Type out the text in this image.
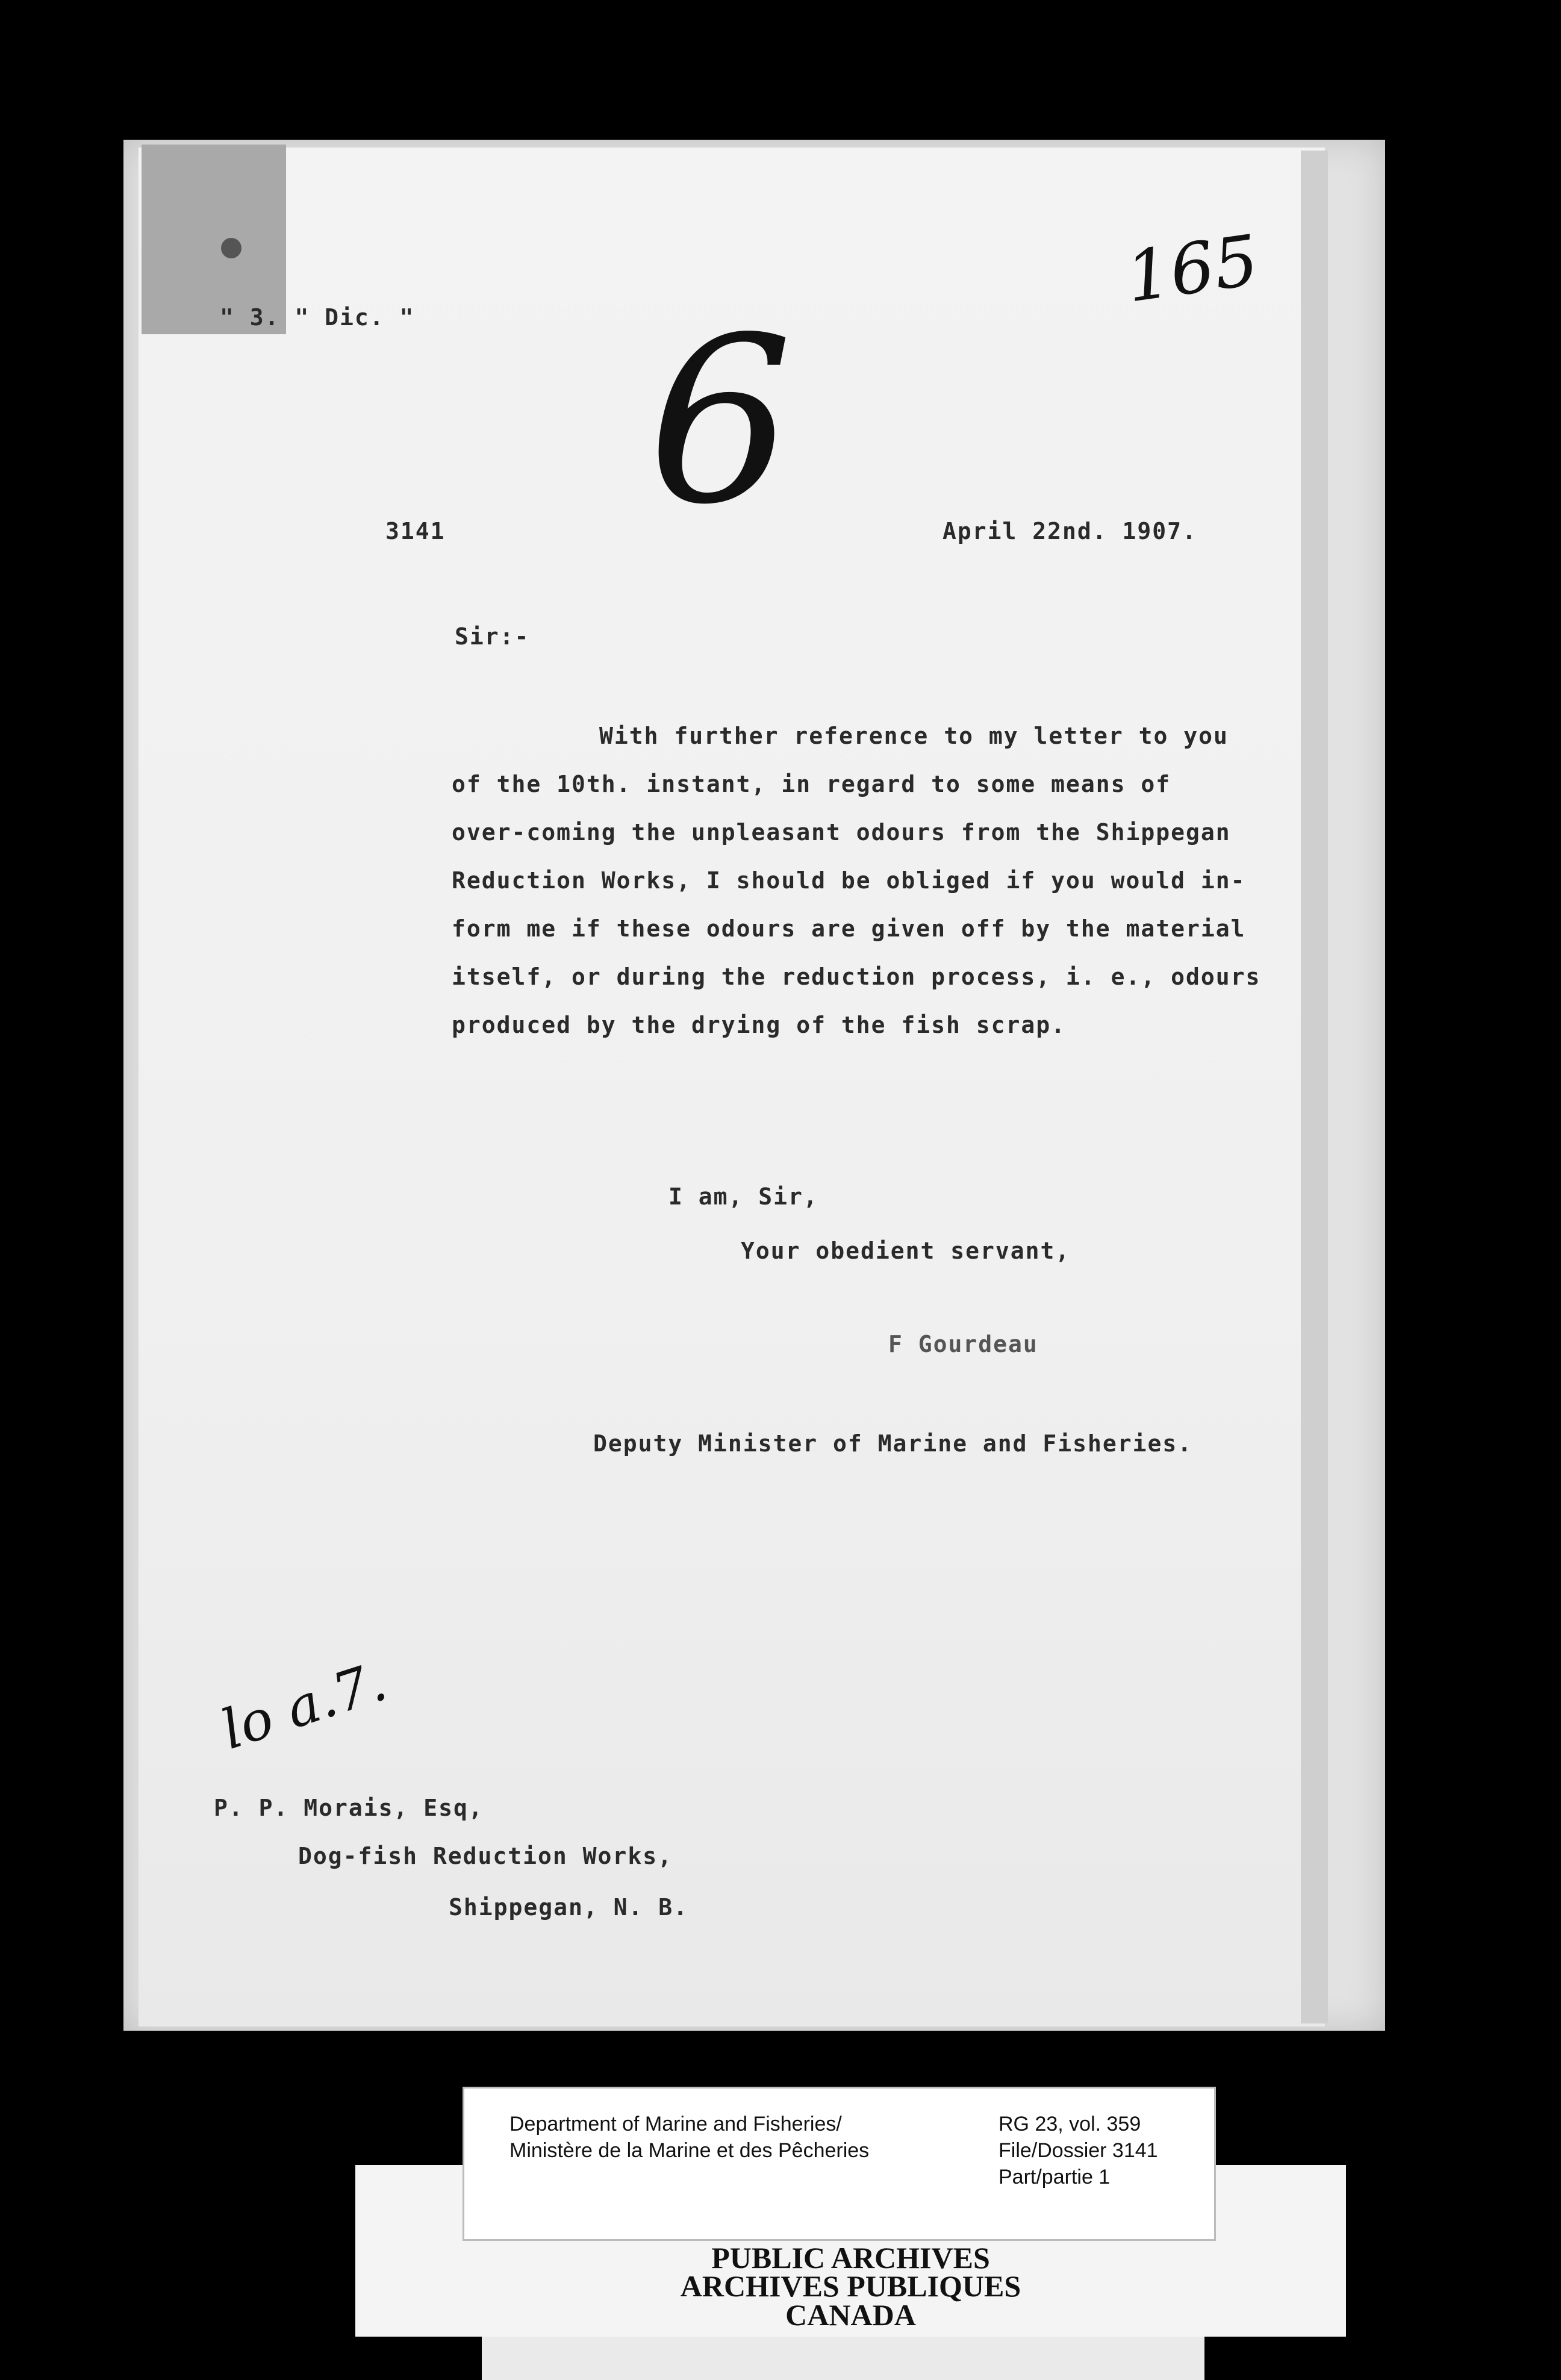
" 3. " Dic. "	165
6
3141	April 22nd. 1907.
Sir:-
With further reference to my letter to you
of the 10th. instant, in regard to some means of
over-coming the unpleasant odours from the Shippegan
Reduction Works, I should be obliged if you would in-
form me if these odours are given off by the material
itself, or during the reduction process, i. e., odours
produced by the drying of the fish scrap.
I am, Sir,
Your obedient servant,
F Gourdeau
Deputy Minister of Marine and Fisheries.
lo a.7.
P. P. Morais, Esq,
Dog-fish Reduction Works,
Shippegan, N. B.
PUBLIC ARCHIVES
ARCHIVES PUBLIQUES
CANADA
Department of Marine and Fisheries/
Ministère de la Marine et des Pêcheries
RG 23, vol. 359
File/Dossier 3141
Part/partie 1
